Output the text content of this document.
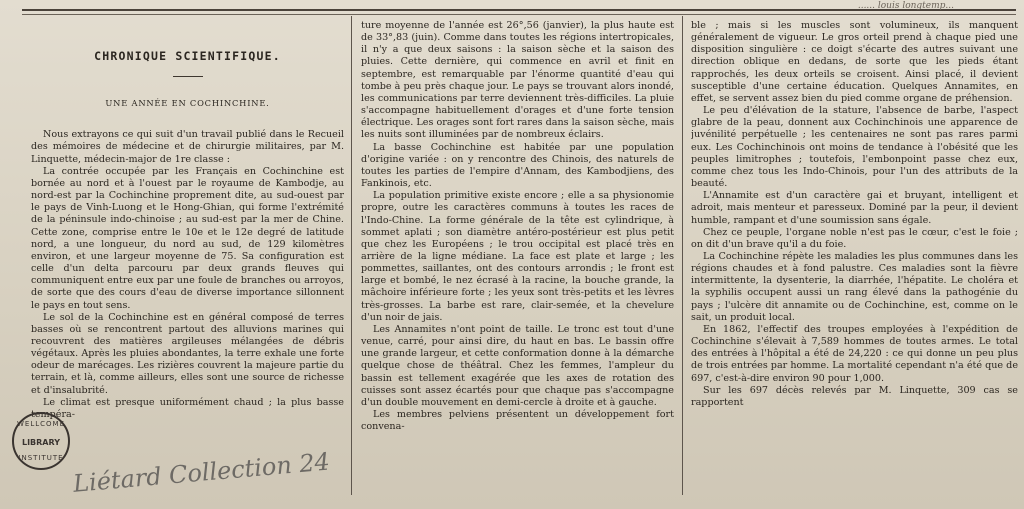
...... louis longtemp...
CHRONIQUE SCIENTIFIQUE.
UNE ANNÉE EN COCHINCHINE.

Nous extrayons ce qui suit d'un travail publié dans le Recueil des mémoires de médecine et de chirurgie militaires, par M. Linquette, médecin-major de 1re classe :

La contrée occupée par les Français en Cochinchine est bornée au nord et à l'ouest par le royaume de Kambodje, au nord-est par la Cochinchine proprement dite, au sud-ouest par le pays de Vinh-Luong et le Hong-Ghian, qui forme l'extrémité de la péninsule indo-chinoise ; au sud-est par la mer de Chine. Cette zone, comprise entre le 10e et le 12e degré de latitude nord, a une longueur, du nord au sud, de 129 kilomètres environ, et une largeur moyenne de 75. Sa configuration est celle d'un delta parcouru par deux grands fleuves qui communiquent entre eux par une foule de branches ou arroyos, de sorte que des cours d'eau de diverse importance sillonnent le pays en tout sens.

Le sol de la Cochinchine est en général composé de terres basses où se rencontrent partout des alluvions marines qui recouvrent des matières argileuses mélangées de débris végétaux. Après les pluies abondantes, la terre exhale une forte odeur de marécages. Les rizières couvrent la majeure partie du terrain, et là, comme ailleurs, elles sont une source de richesse et d'insalubrité.

Le climat est presque uniformément chaud ; la plus basse tempéra-

ture moyenne de l'année est 26°,56 (janvier), la plus haute est de 33°,83 (juin). Comme dans toutes les régions intertropicales, il n'y a que deux saisons : la saison sèche et la saison des pluies. Cette dernière, qui commence en avril et finit en septembre, est remarquable par l'énorme quantité d'eau qui tombe à peu près chaque jour. Le pays se trouvant alors inondé, les communications par terre deviennent très-difficiles. La pluie s'accompagne habituellement d'orages et d'une forte tension électrique. Les orages sont fort rares dans la saison sèche, mais les nuits sont illuminées par de nombreux éclairs.

La basse Cochinchine est habitée par une population d'origine variée : on y rencontre des Chinois, des naturels de toutes les parties de l'empire d'Annam, des Kambodjiens, des Fankinois, etc.

La population primitive existe encore ; elle a sa physionomie propre, outre les caractères communs à toutes les races de l'Indo-Chine. La forme générale de la tête est cylindrique, à sommet aplati ; son diamètre antéro-postérieur est plus petit que chez les Européens ; le trou occipital est placé très en arrière de la ligne médiane. La face est plate et large ; les pommettes, saillantes, ont des contours arrondis ; le front est large et bombé, le nez écrasé à la racine, la bouche grande, la mâchoire inférieure forte ; les yeux sont très-petits et les lèvres très-grosses. La barbe est rare, clair-semée, et la chevelure d'un noir de jais.

Les Annamites n'ont point de taille. Le tronc est tout d'une venue, carré, pour ainsi dire, du haut en bas. Le bassin offre une grande largeur, et cette conformation donne à la démarche quelque chose de théâtral. Chez les femmes, l'ampleur du bassin est tellement exagérée que les axes de rotation des cuisses sont assez écartés pour que chaque pas s'accompagne d'un double mouvement en demi-cercle à droite et à gauche.

Les membres pelviens présentent un développement fort convena-

ble ; mais si les muscles sont volumineux, ils manquent généralement de vigueur. Le gros orteil prend à chaque pied une disposition singulière : ce doigt s'écarte des autres suivant une direction oblique en dedans, de sorte que les pieds étant rapprochés, les deux orteils se croisent. Ainsi placé, il devient susceptible d'une certaine éducation. Quelques Annamites, en effet, se servent assez bien du pied comme organe de préhension.

Le peu d'élévation de la stature, l'absence de barbe, l'aspect glabre de la peau, donnent aux Cochinchinois une apparence de juvénilité perpétuelle ; les centenaires ne sont pas rares parmi eux. Les Cochinchinois ont moins de tendance à l'obésité que les peuples limitrophes ; toutefois, l'embonpoint passe chez eux, comme chez tous les Indo-Chinois, pour l'un des attributs de la beauté.

L'Annamite est d'un caractère gai et bruyant, intelligent et adroit, mais menteur et paresseux. Dominé par la peur, il devient humble, rampant et d'une soumission sans égale.

Chez ce peuple, l'organe noble n'est pas le cœur, c'est le foie ; on dit d'un brave qu'il a du foie.

La Cochinchine répète les maladies les plus communes dans les régions chaudes et à fond palustre. Ces maladies sont la fièvre intermittente, la dysenterie, la diarrhée, l'hépatite. Le choléra et la syphilis occupent aussi un rang élevé dans la pathogénie du pays ; l'ulcère dit annamite ou de Cochinchine, est, comme on le sait, un produit local.

En 1862, l'effectif des troupes employées à l'expédition de Cochinchine s'élevait à 7,589 hommes de toutes armes. Le total des entrées à l'hôpital a été de 24,220 : ce qui donne un peu plus de trois entrées par homme. La mortalité cependant n'a été que de 697, c'est-à-dire environ 90 pour 1,000.

Sur les 697 décès relevés par M. Linquette, 309 cas se rapportent

WELLCOME
LIBRARY
INSTITUTE Liétard Collection 24
